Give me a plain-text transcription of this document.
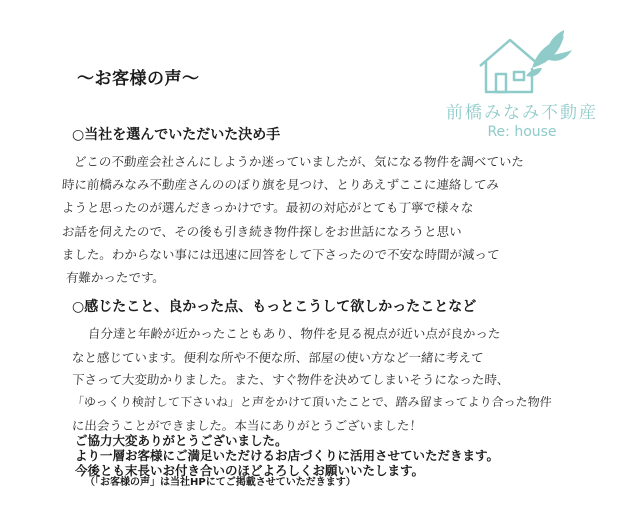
～お客様の声～
前橋みなみ不動産
Re: house
○当社を選んでいただいた決め手
どこの不動産会社さんにしようか迷っていましたが、気になる物件を調べていた
時に前橋みなみ不動産さんののぼり旗を見つけ、とりあえずここに連絡してみ
ようと思ったのが選んだきっかけです。最初の対応がとても丁寧で様々な
お話を伺えたので、その後も引き続き物件探しをお世話になろうと思い
ました。わからない事には迅速に回答をして下さったので不安な時間が減って
有難かったです。
○感じたこと、良かった点、もっとこうして欲しかったことなど
自分達と年齢が近かったこともあり、物件を見る視点が近い点が良かった
なと感じています。便利な所や不便な所、部屋の使い方など一緒に考えて
下さって大変助かりました。また、すぐ物件を決めてしまいそうになった時、
「ゆっくり検討して下さいね」と声をかけて頂いたことで、踏み留まってより合った物件
に出会うことができました。本当にありがとうございました！
ご協力大変ありがとうございました。
より一層お客様にご満足いただけるお店づくりに活用させていただきます。
今後とも末長いお付き合いのほどよろしくお願いいたします。
（「お客様の声」は当社HPにてご掲載させていただきます）
